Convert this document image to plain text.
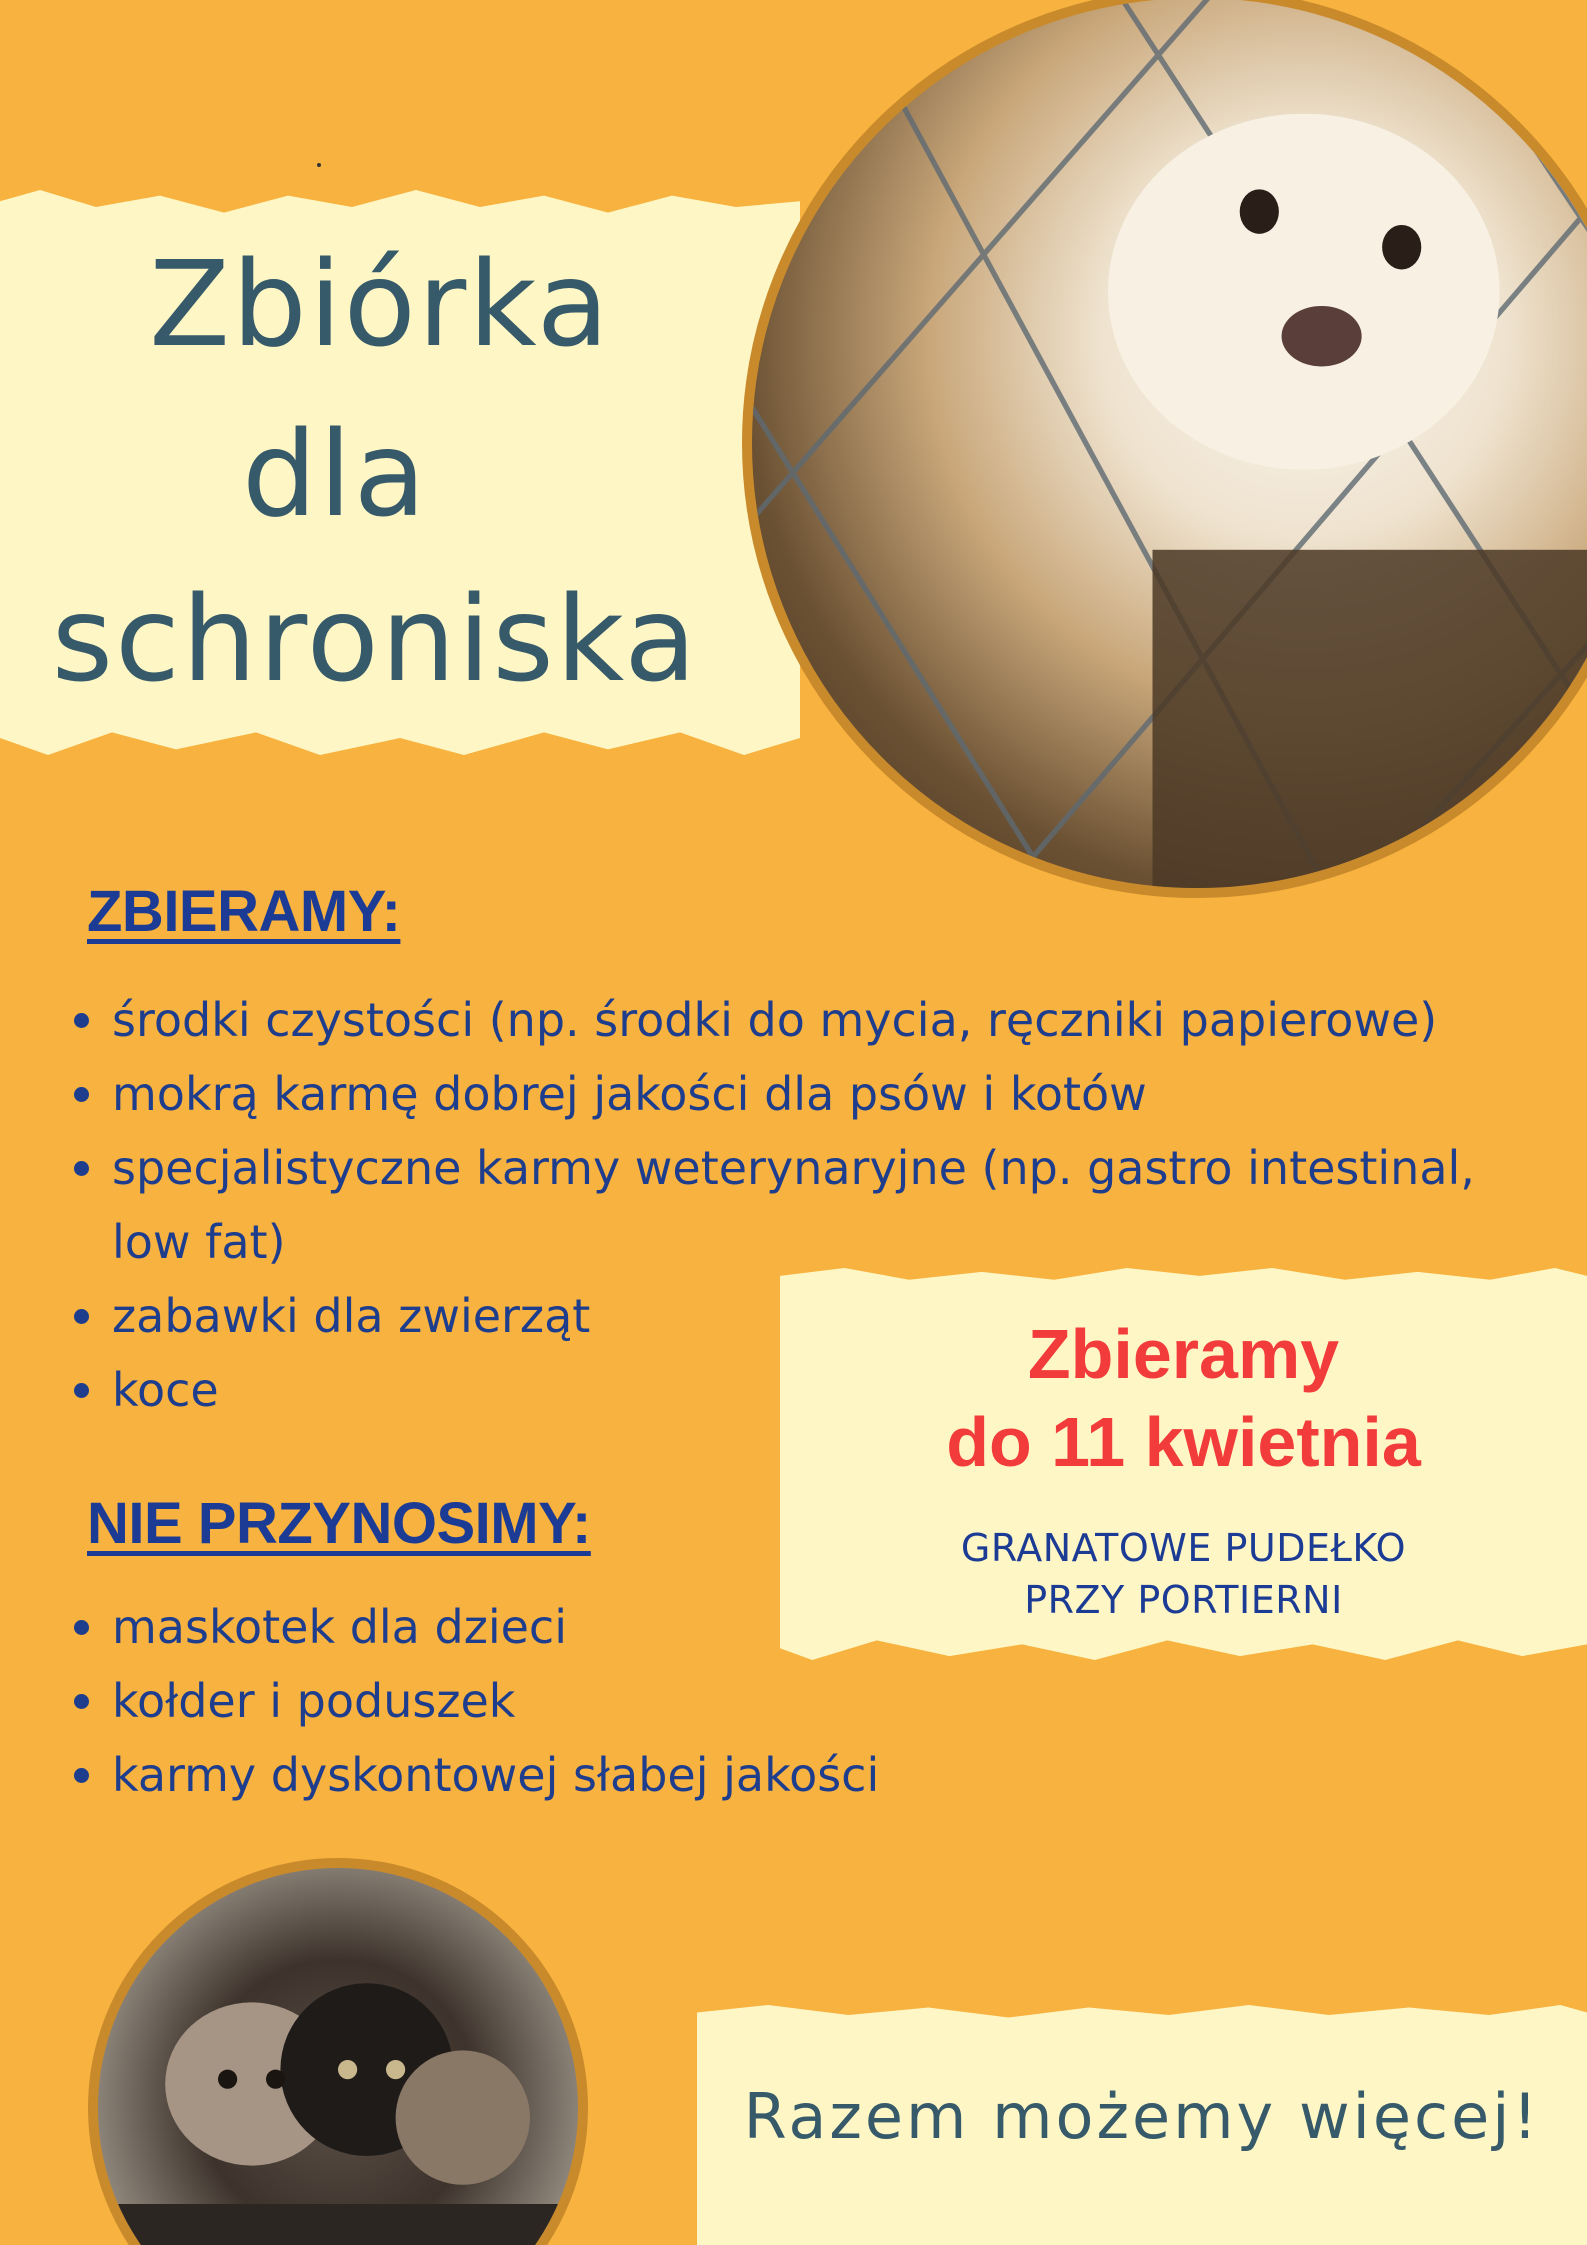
Zbiórka
dla
schroniska
ZBIERAMY:
środki czystości (np. środki do mycia, ręczniki papierowe)
mokrą karmę dobrej jakości dla psów i kotów
specjalistyczne karmy weterynaryjne (np. gastro intestinal, low fat)
zabawki dla zwierząt
koce	Zbieramy
do 11 kwietnia
GRANATOWE PUDEŁKO
PRZY PORTIERNI
NIE PRZYNOSIMY:
maskotek dla dzieci
kołder i poduszek
karmy dyskontowej słabej jakości
Razem możemy więcej!
